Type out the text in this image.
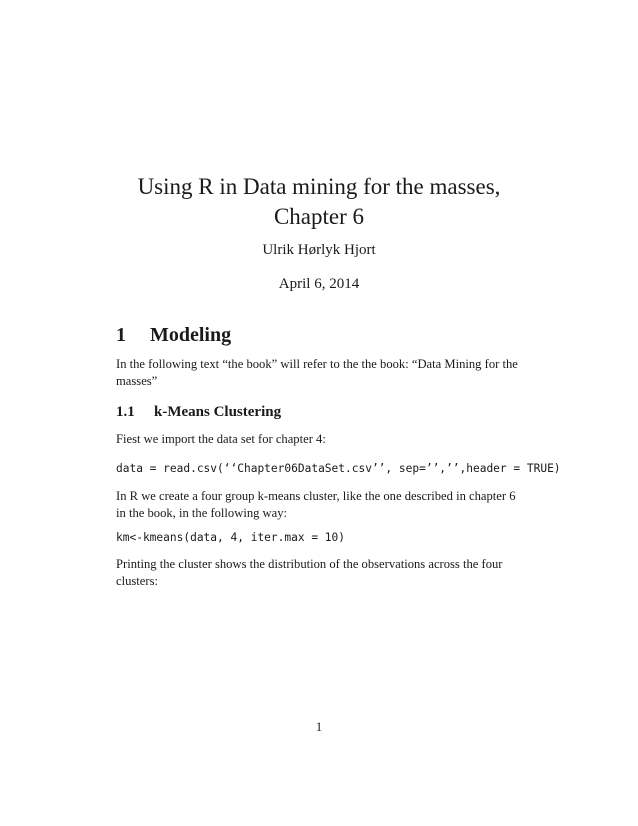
Using R in Data mining for the masses,
Chapter 6
Ulrik Hørlyk Hjort
April 6, 2014
1 Modeling

In the following text “the book” will refer to the the book: “Data Mining for the masses”

1.1 k-Means Clustering

Fiest we import the data set for chapter 4:

data = read.csv(‘‘Chapter06DataSet.csv’’, sep=’’,’’,header = TRUE)

In R we create a four group k-means cluster, like the one described in chapter 6 in the book, in the following way:

km<-kmeans(data, 4, iter.max = 10)

Printing the cluster shows the distribution of the observations across the four clusters:

1
